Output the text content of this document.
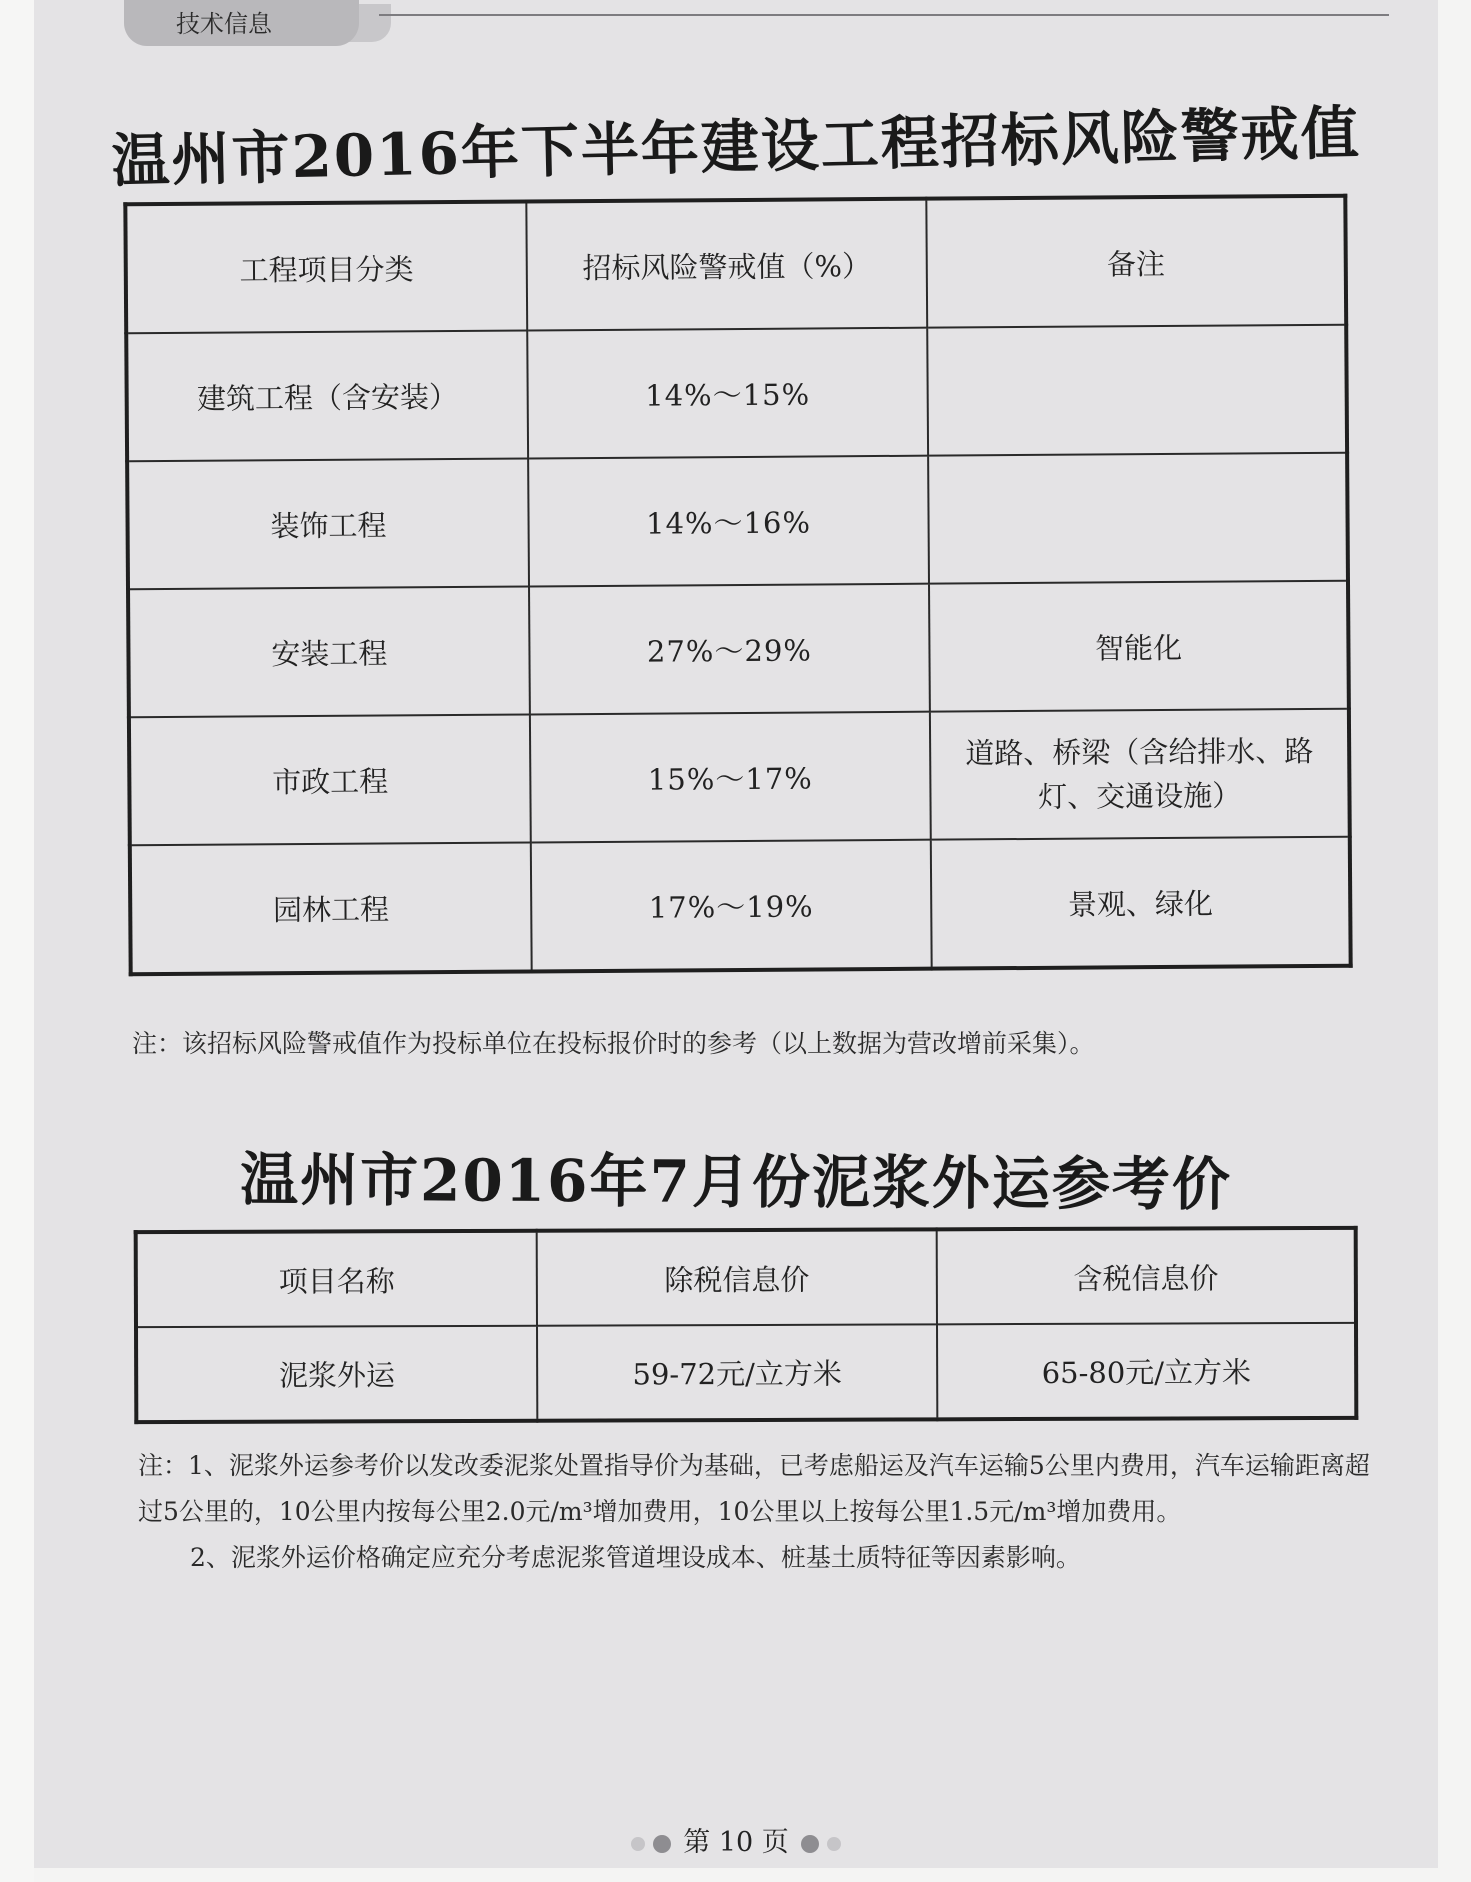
技术信息
温州市2016年下半年建设工程招标风险警戒值
工程项目分类	招标风险警戒值（%）	备注
建筑工程（含安装）	14%～15%	
装饰工程	14%～16%	
安装工程	27%～29%	智能化
市政工程	15%～17%	道路、桥梁（含给排水、路灯、交通设施）
园林工程	17%～19%	景观、绿化
注：该招标风险警戒值作为投标单位在投标报价时的参考（以上数据为营改增前采集）。
温州市2016年7月份泥浆外运参考价
项目名称	除税信息价	含税信息价
泥浆外运	59-72元/立方米	65-80元/立方米

注：1、泥浆外运参考价以发改委泥浆处置指导价为基础，已考虑船运及汽车运输5公里内费用，汽车运输距离超过5公里的，10公里内按每公里2.0元/m³增加费用，10公里以上按每公里1.5元/m³增加费用。

2、泥浆外运价格确定应充分考虑泥浆管道埋设成本、桩基土质特征等因素影响。

第 10 页
